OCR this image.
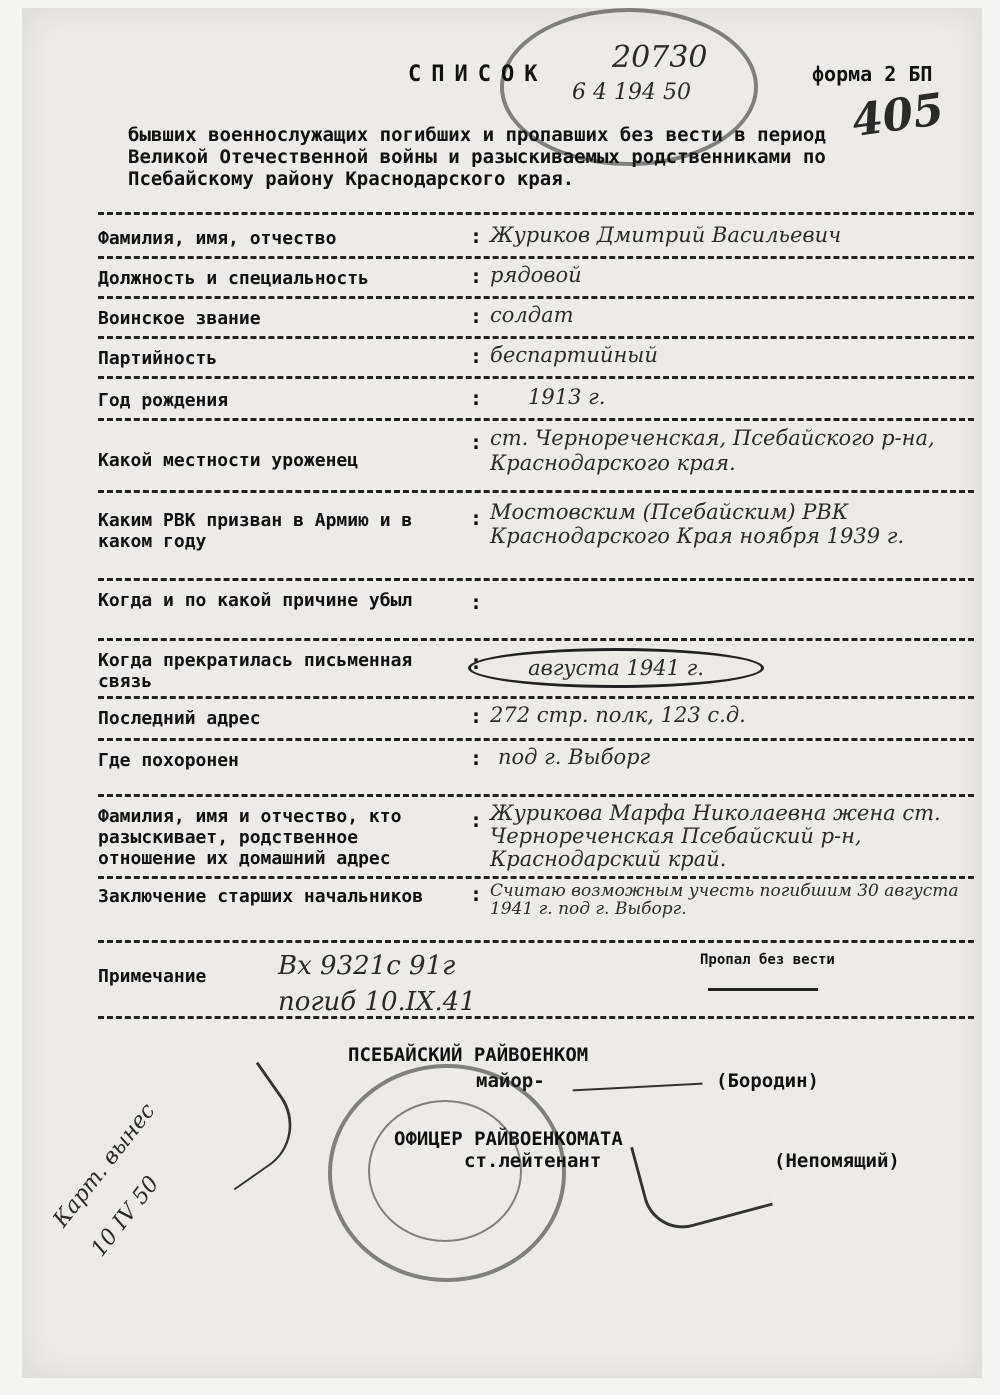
20730
6 4 194 50	405
СПИСОК	форма 2 БП
бывших военнослужащих погибших и пропавших без вести в период Великой Отечественной войны и разыскиваемых родственниками по Псебайскому району Краснодарского края.
Фамилия, имя, отчество	: Журиков Дмитрий Васильевич
Должность и специальность	: рядовой
Воинское звание	: солдат
Партийность	: беспартийный
Год рождения	: 1913 г.
Какой местности уроженец
: ст. Чернореченская, Псебайского р-на, Краснодарского края.
Каким РВК призван в Армию и в каком году
: Мостовским (Псебайским) РВК Краснодарского Края ноября 1939 г.
Когда и по какой причине убыл	:
Когда прекратилась письменная связь
:	августа 1941 г.
Последний адрес	: 272 стр. полк, 123 с.д.
Где похоронен	: под г. Выборг
Фамилия, имя и отчество, кто разыскивает, родственное отношение их домашний адрес
: Журикова Марфа Николаевна жена ст. Чернореченская Псебайский р-н, Краснодарский край.
Заключение старших начальников	: Считаю возможным учесть погибшим 30 августа 1941 г. под г. Выборг.
Примечание	Вх 9321с 91г погиб 10.IX.41
Пропал без вести
ПСЕБАЙСКИЙ РАЙВОЕНКОМ
майор-	(Бородин)
ОФИЦЕР РАЙВОЕНКОМАТА
ст.лейтенант	(Непомящий)
Карт. вынес 10 IV 50
